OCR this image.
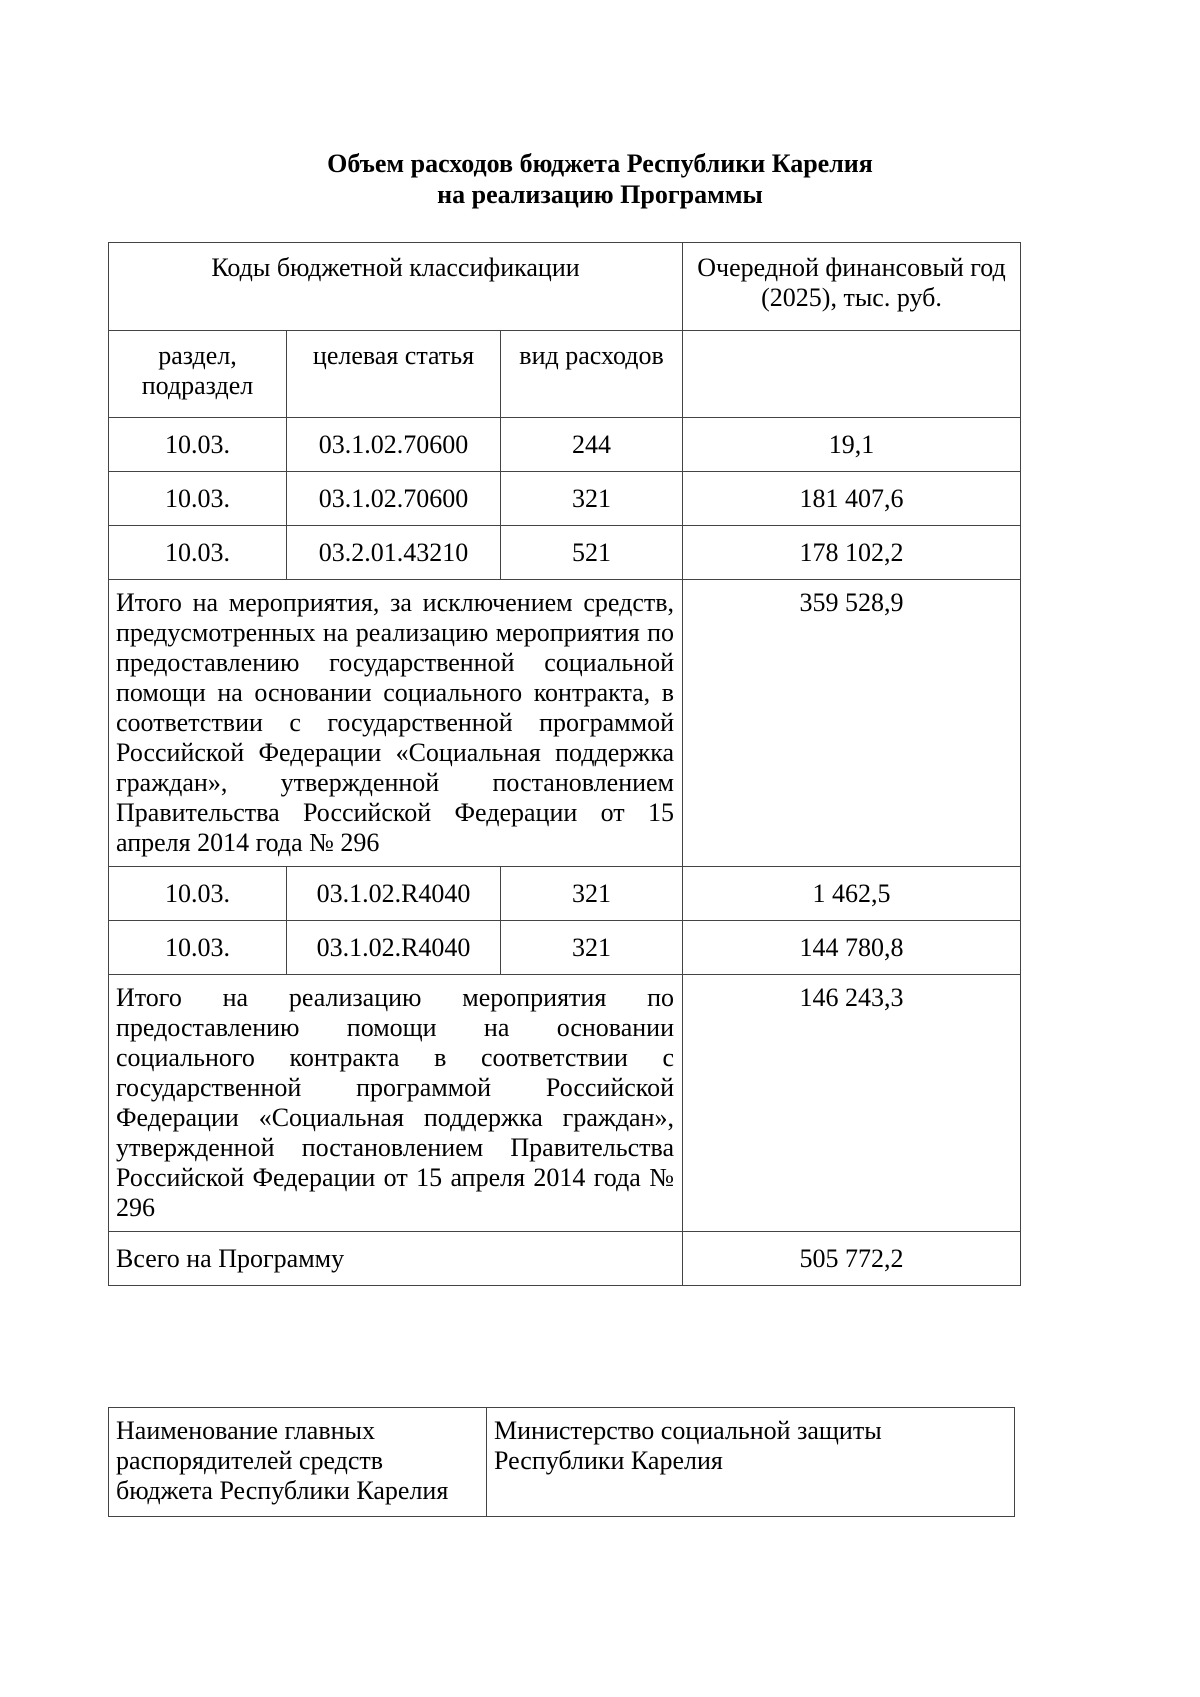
Объем расходов бюджета Республики Карелия
на реализацию Программы
Коды бюджетной классификации			Очередной финансовый год (2025), тыс. руб.
раздел, подраздел	целевая статья	вид расходов	
10.03.	03.1.02.70600	244	19,1
10.03.	03.1.02.70600	321	181 407,6
10.03.	03.2.01.43210	521	178 102,2
Итого на мероприятия, за исключением средств, предусмотренных на реализацию мероприятия по предоставлению государственной социальной помощи на основании социального контракта, в соответствии с государственной программой Российской Федерации «Социальная поддержка граждан», утвержденной постановлением Правительства Российской Федерации от 15 апреля 2014 года № 296			359 528,9
10.03.	03.1.02.R4040	321	1 462,5
10.03.	03.1.02.R4040	321	144 780,8
Итого на реализацию мероприятия по предоставлению помощи на основании социального контракта в соответствии с государственной программой Российской Федерации «Социальная поддержка граждан», утвержденной постановлением Правительства Российской Федерации от 15 апреля 2014 года № 296			146 243,3
Всего на Программу			505 772,2
Наименование главных распорядителей средств бюджета Республики Карелия	Министерство социальной защиты Республики Карелия
